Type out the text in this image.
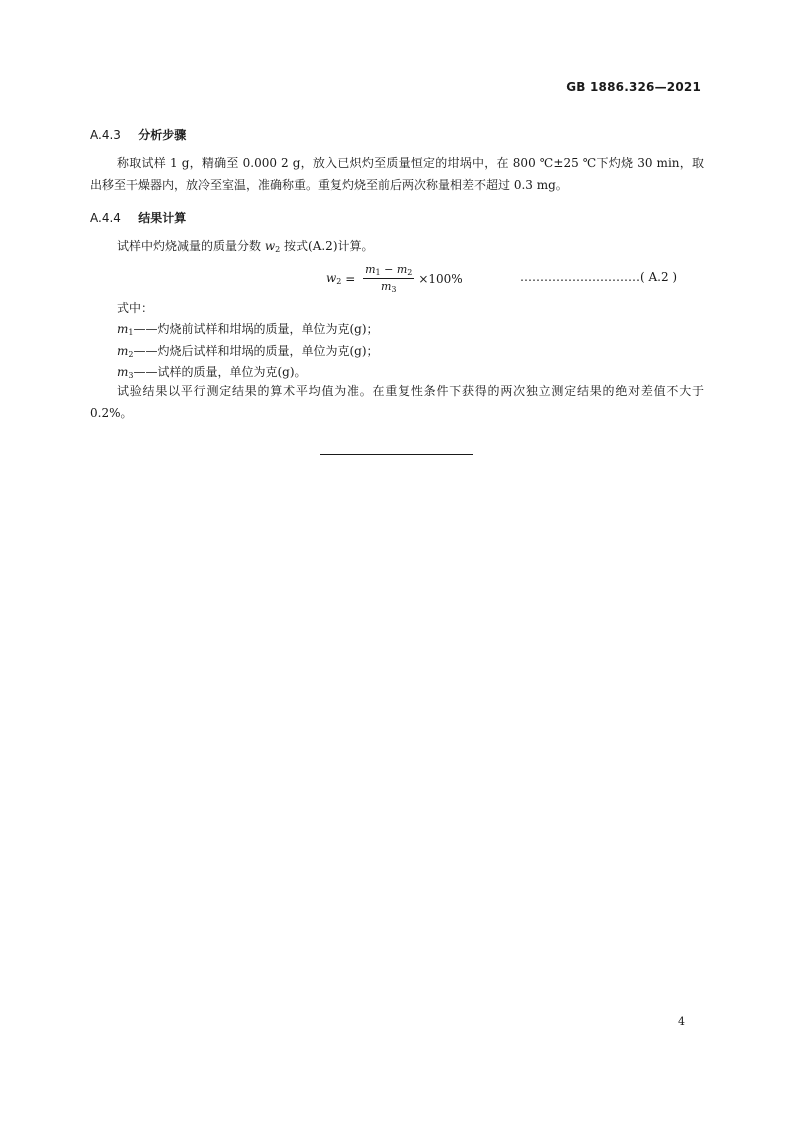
GB 1886.326—2021
A.4.3 分析步骤
称取试样 1 g，精确至 0.000 2 g，放入已炽灼至质量恒定的坩埚中，在 800 ℃±25 ℃下灼烧 30 min，取出移至干燥器内，放冷至室温，准确称重。重复灼烧至前后两次称量相差不超过 0.3 mg。
A.4.4 结果计算
试样中灼烧减量的质量分数 $w_2$ 按式(A.2)计算。
$w_2 = \frac{m_1 - m_2}{m_3} \times 100\%$	…………………………( A.2 )
式中：
$m_1——$灼烧前试样和坩埚的质量，单位为克(g)；
$m_2——$灼烧后试样和坩埚的质量，单位为克(g)；
$m_3——$试样的质量，单位为克(g)。
试验结果以平行测定结果的算术平均值为准。在重复性条件下获得的两次独立测定结果的绝对差值不大于 0.2%。
4
